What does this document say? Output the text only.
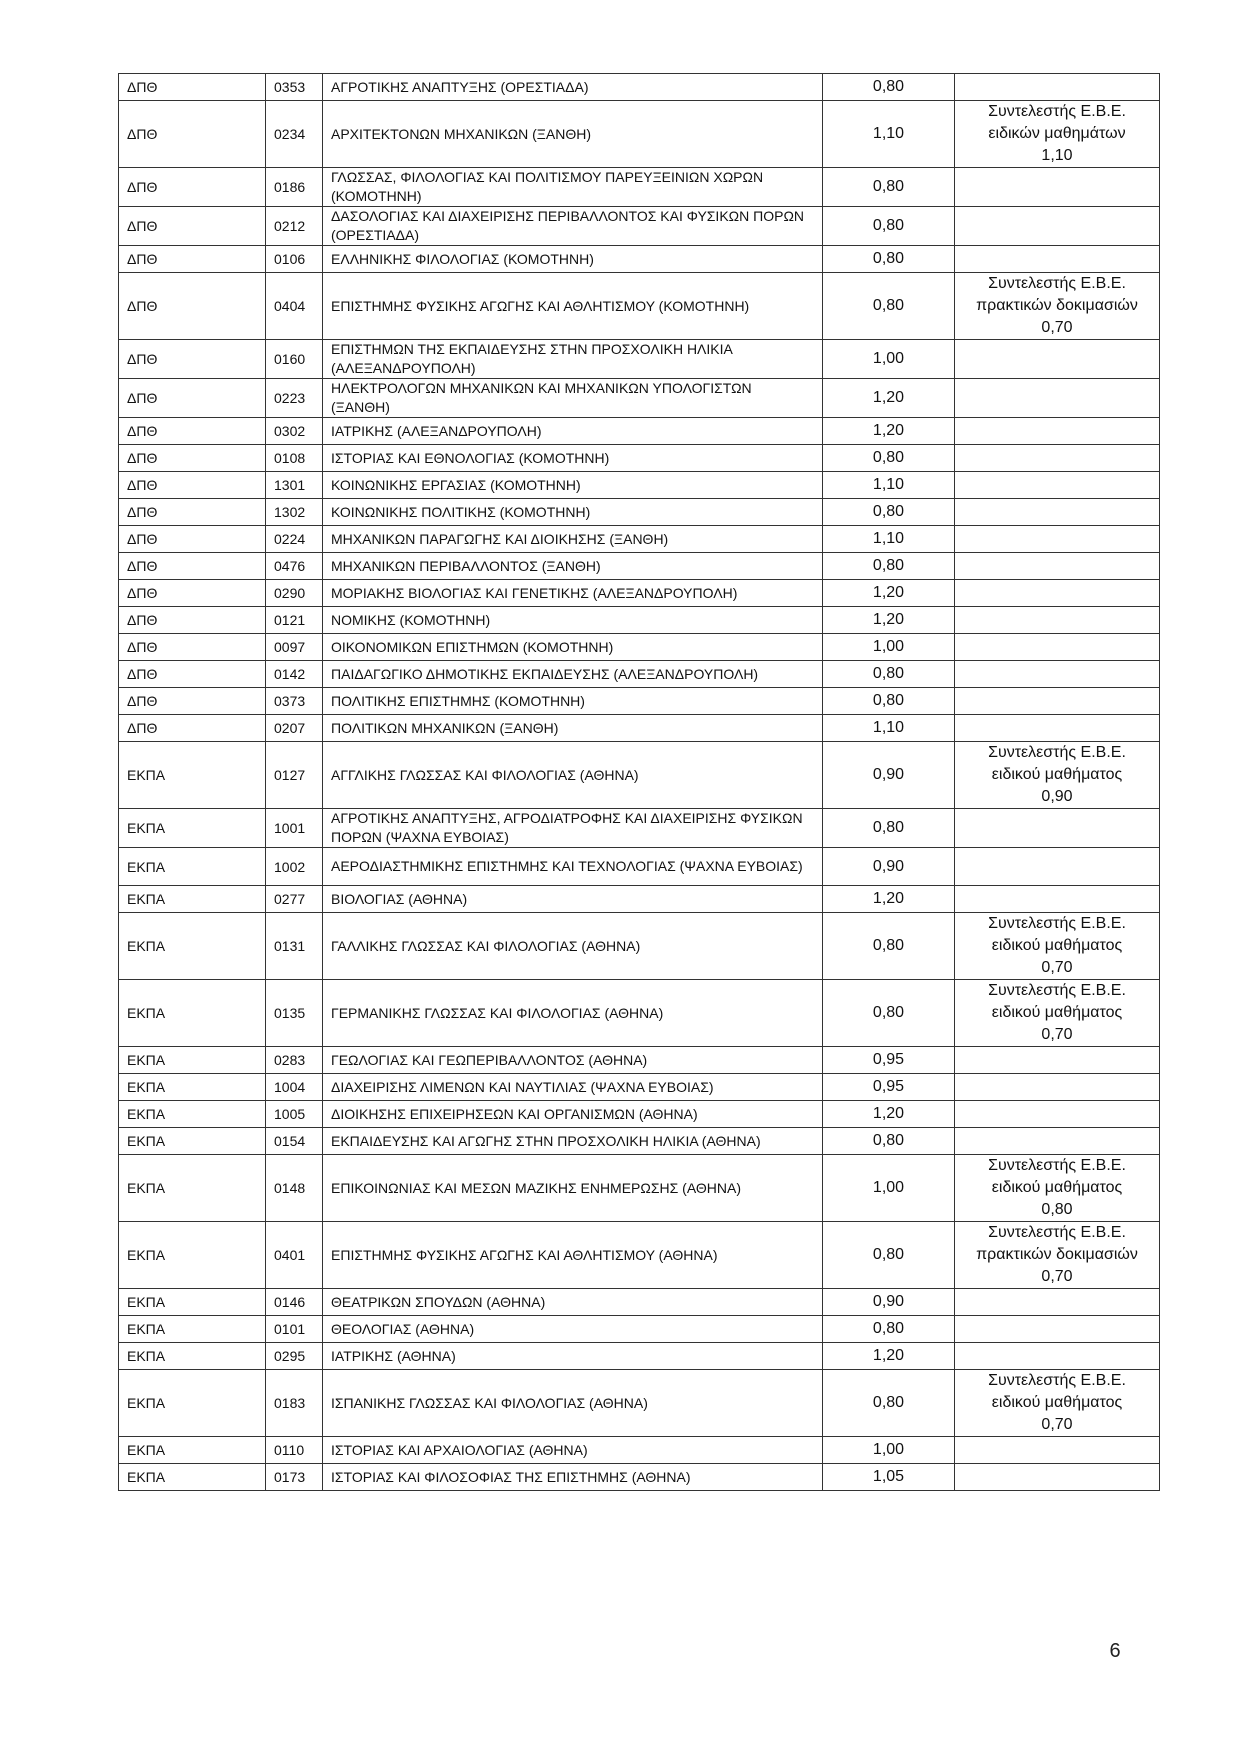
ΔΠΘ	0353	ΑΓΡΟΤΙΚΗΣ ΑΝΑΠΤΥΞΗΣ (ΟΡΕΣΤΙΑΔΑ)	0,80	
ΔΠΘ	0234	ΑΡΧΙΤΕΚΤΟΝΩΝ ΜΗΧΑΝΙΚΩΝ (ΞΑΝΘΗ)	1,10	Συντελεστής Ε.Β.Ε.
ειδικών μαθημάτων
1,10

ΔΠΘ	0186	ΓΛΩΣΣΑΣ, ΦΙΛΟΛΟΓΙΑΣ ΚΑΙ ΠΟΛΙΤΙΣΜΟΥ ΠΑΡΕΥΞΕΙΝΙΩΝ ΧΩΡΩΝ (ΚΟΜΟΤΗΝΗ)	0,80	
ΔΠΘ	0212	ΔΑΣΟΛΟΓΙΑΣ ΚΑΙ ΔΙΑΧΕΙΡΙΣΗΣ ΠΕΡΙΒΑΛΛΟΝΤΟΣ ΚΑΙ ΦΥΣΙΚΩΝ ΠΟΡΩΝ (ΟΡΕΣΤΙΑΔΑ)	0,80	
ΔΠΘ	0106	ΕΛΛΗΝΙΚΗΣ ΦΙΛΟΛΟΓΙΑΣ (ΚΟΜΟΤΗΝΗ)	0,80	
ΔΠΘ	0404	ΕΠΙΣΤΗΜΗΣ ΦΥΣΙΚΗΣ ΑΓΩΓΗΣ ΚΑΙ ΑΘΛΗΤΙΣΜΟΥ (ΚΟΜΟΤΗΝΗ)	0,80	Συντελεστής Ε.Β.Ε.
πρακτικών δοκιμασιών
0,70

ΔΠΘ	0160	ΕΠΙΣΤΗΜΩΝ ΤΗΣ ΕΚΠΑΙΔΕΥΣΗΣ ΣΤΗΝ ΠΡΟΣΧΟΛΙΚΗ ΗΛΙΚΙΑ (ΑΛΕΞΑΝΔΡΟΥΠΟΛΗ)	1,00	
ΔΠΘ	0223	ΗΛΕΚΤΡΟΛΟΓΩΝ ΜΗΧΑΝΙΚΩΝ ΚΑΙ ΜΗΧΑΝΙΚΩΝ ΥΠΟΛΟΓΙΣΤΩΝ (ΞΑΝΘΗ)	1,20	
ΔΠΘ	0302	ΙΑΤΡΙΚΗΣ (ΑΛΕΞΑΝΔΡΟΥΠΟΛΗ)	1,20	
ΔΠΘ	0108	ΙΣΤΟΡΙΑΣ ΚΑΙ ΕΘΝΟΛΟΓΙΑΣ (ΚΟΜΟΤΗΝΗ)	0,80	
ΔΠΘ	1301	ΚΟΙΝΩΝΙΚΗΣ ΕΡΓΑΣΙΑΣ (ΚΟΜΟΤΗΝΗ)	1,10	
ΔΠΘ	1302	ΚΟΙΝΩΝΙΚΗΣ ΠΟΛΙΤΙΚΗΣ (ΚΟΜΟΤΗΝΗ)	0,80	
ΔΠΘ	0224	ΜΗΧΑΝΙΚΩΝ ΠΑΡΑΓΩΓΗΣ ΚΑΙ ΔΙΟΙΚΗΣΗΣ (ΞΑΝΘΗ)	1,10	
ΔΠΘ	0476	ΜΗΧΑΝΙΚΩΝ ΠΕΡΙΒΑΛΛΟΝΤΟΣ (ΞΑΝΘΗ)	0,80	
ΔΠΘ	0290	ΜΟΡΙΑΚΗΣ ΒΙΟΛΟΓΙΑΣ ΚΑΙ ΓΕΝΕΤΙΚΗΣ (ΑΛΕΞΑΝΔΡΟΥΠΟΛΗ)	1,20	
ΔΠΘ	0121	ΝΟΜΙΚΗΣ (ΚΟΜΟΤΗΝΗ)	1,20	
ΔΠΘ	0097	ΟΙΚΟΝΟΜΙΚΩΝ ΕΠΙΣΤΗΜΩΝ (ΚΟΜΟΤΗΝΗ)	1,00	
ΔΠΘ	0142	ΠΑΙΔΑΓΩΓΙΚΟ ΔΗΜΟΤΙΚΗΣ ΕΚΠΑΙΔΕΥΣΗΣ (ΑΛΕΞΑΝΔΡΟΥΠΟΛΗ)	0,80	
ΔΠΘ	0373	ΠΟΛΙΤΙΚΗΣ ΕΠΙΣΤΗΜΗΣ (ΚΟΜΟΤΗΝΗ)	0,80	
ΔΠΘ	0207	ΠΟΛΙΤΙΚΩΝ ΜΗΧΑΝΙΚΩΝ (ΞΑΝΘΗ)	1,10	
ΕΚΠΑ	0127	ΑΓΓΛΙΚΗΣ ΓΛΩΣΣΑΣ ΚΑΙ ΦΙΛΟΛΟΓΙΑΣ (ΑΘΗΝΑ)	0,90	Συντελεστής Ε.Β.Ε.
ειδικού μαθήματος
0,90

ΕΚΠΑ	1001	ΑΓΡΟΤΙΚΗΣ ΑΝΑΠΤΥΞΗΣ, ΑΓΡΟΔΙΑΤΡΟΦΗΣ ΚΑΙ ΔΙΑΧΕΙΡΙΣΗΣ ΦΥΣΙΚΩΝ ΠΟΡΩΝ (ΨΑΧΝΑ ΕΥΒΟΙΑΣ)	0,80	
ΕΚΠΑ	1002	ΑΕΡΟΔΙΑΣΤΗΜΙΚΗΣ ΕΠΙΣΤΗΜΗΣ ΚΑΙ ΤΕΧΝΟΛΟΓΙΑΣ (ΨΑΧΝΑ ΕΥΒΟΙΑΣ)	0,90	
ΕΚΠΑ	0277	ΒΙΟΛΟΓΙΑΣ (ΑΘΗΝΑ)	1,20	
ΕΚΠΑ	0131	ΓΑΛΛΙΚΗΣ ΓΛΩΣΣΑΣ ΚΑΙ ΦΙΛΟΛΟΓΙΑΣ (ΑΘΗΝΑ)	0,80	Συντελεστής Ε.Β.Ε.
ειδικού μαθήματος
0,70

ΕΚΠΑ	0135	ΓΕΡΜΑΝΙΚΗΣ ΓΛΩΣΣΑΣ ΚΑΙ ΦΙΛΟΛΟΓΙΑΣ (ΑΘΗΝΑ)	0,80	Συντελεστής Ε.Β.Ε.
ειδικού μαθήματος
0,70

ΕΚΠΑ	0283	ΓΕΩΛΟΓΙΑΣ ΚΑΙ ΓΕΩΠΕΡΙΒΑΛΛΟΝΤΟΣ (ΑΘΗΝΑ)	0,95	
ΕΚΠΑ	1004	ΔΙΑΧΕΙΡΙΣΗΣ ΛΙΜΕΝΩΝ ΚΑΙ ΝΑΥΤΙΛΙΑΣ (ΨΑΧΝΑ ΕΥΒΟΙΑΣ)	0,95	
ΕΚΠΑ	1005	ΔΙΟΙΚΗΣΗΣ ΕΠΙΧΕΙΡΗΣΕΩΝ ΚΑΙ ΟΡΓΑΝΙΣΜΩΝ (ΑΘΗΝΑ)	1,20	
ΕΚΠΑ	0154	ΕΚΠΑΙΔΕΥΣΗΣ ΚΑΙ ΑΓΩΓΗΣ ΣΤΗΝ ΠΡΟΣΧΟΛΙΚΗ ΗΛΙΚΙΑ (ΑΘΗΝΑ)	0,80	
ΕΚΠΑ	0148	ΕΠΙΚΟΙΝΩΝΙΑΣ ΚΑΙ ΜΕΣΩΝ ΜΑΖΙΚΗΣ ΕΝΗΜΕΡΩΣΗΣ (ΑΘΗΝΑ)	1,00	Συντελεστής Ε.Β.Ε.
ειδικού μαθήματος
0,80

ΕΚΠΑ	0401	ΕΠΙΣΤΗΜΗΣ ΦΥΣΙΚΗΣ ΑΓΩΓΗΣ ΚΑΙ ΑΘΛΗΤΙΣΜΟΥ (ΑΘΗΝΑ)	0,80	Συντελεστής Ε.Β.Ε.
πρακτικών δοκιμασιών
0,70

ΕΚΠΑ	0146	ΘΕΑΤΡΙΚΩΝ ΣΠΟΥΔΩΝ (ΑΘΗΝΑ)	0,90	
ΕΚΠΑ	0101	ΘΕΟΛΟΓΙΑΣ (ΑΘΗΝΑ)	0,80	
ΕΚΠΑ	0295	ΙΑΤΡΙΚΗΣ (ΑΘΗΝΑ)	1,20	
ΕΚΠΑ	0183	ΙΣΠΑΝΙΚΗΣ ΓΛΩΣΣΑΣ ΚΑΙ ΦΙΛΟΛΟΓΙΑΣ (ΑΘΗΝΑ)	0,80	Συντελεστής Ε.Β.Ε.
ειδικού μαθήματος
0,70

ΕΚΠΑ	0110	ΙΣΤΟΡΙΑΣ ΚΑΙ ΑΡΧΑΙΟΛΟΓΙΑΣ (ΑΘΗΝΑ)	1,00	
ΕΚΠΑ	0173	ΙΣΤΟΡΙΑΣ ΚΑΙ ΦΙΛΟΣΟΦΙΑΣ ΤΗΣ ΕΠΙΣΤΗΜΗΣ (ΑΘΗΝΑ)	1,05	
6
